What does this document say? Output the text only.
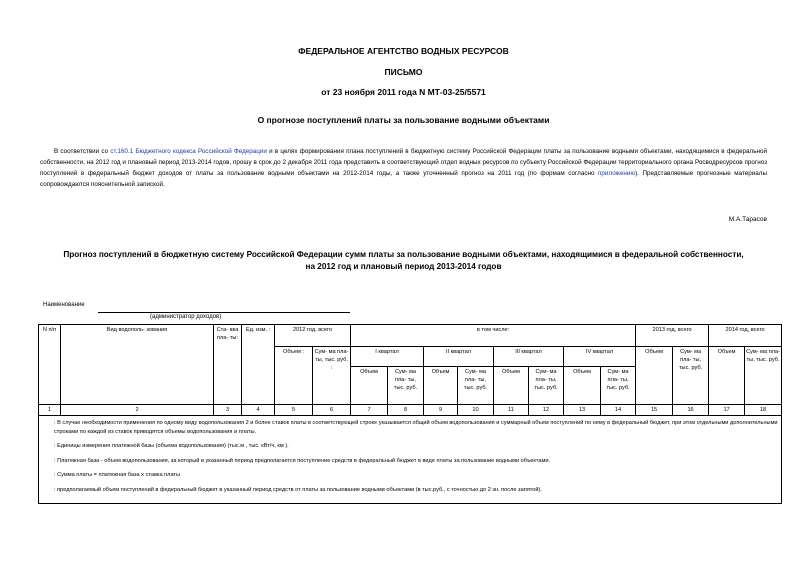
ФЕДЕРАЛЬНОЕ АГЕНТСТВО ВОДНЫХ РЕСУРСОВ
ПИСЬМО
от 23 ноября 2011 года N МТ-03-25/5571
О прогнозе поступлений платы за пользование водными объектами
В соответствии со ст.160.1 Бюджетного кодекса Российской Федерации и в целях формирования плана поступлений в бюджетную систему Российской Федерации платы за пользование водными объектами, находящимися в федеральной собственности, на 2012 год и плановый период 2013-2014 годов, прошу в срок до 2 декабря 2011 года представить в соответствующий отдел водных ресурсов по субъекту Российской Федерации территориального органа Росводресурсов прогноз поступлений в федеральный бюджет доходов от платы за пользование водными объектами на 2012-2014 годы, а также уточненный прогноз на 2011 год (по формам согласно приложению). Представляемые прогнозные материалы сопровождаются пояснительной запиской.
М.А.Тарасов
Прогноз поступлений в бюджетную систему Российской Федерации сумм платы за пользование водными объектами, находящимися в федеральной собственности, на 2012 год и плановый период 2013-2014 годов
Наименование
(администратор доходов)
N п/п	Вид водополь- зования	Ста- вка пла- ты:	Ед. изм. :	2012 год, всего		в том числе:								2013 год, всего		2014 год, всего	
				Объем :	Сум- ма пла- ты, тыс. руб. :	I квартал		II квартал		III квартал		IV квартал		Объем	Сум- ма пла- ты, тыс. руб.	Объем	Сум- ма пла- ты, тыс. руб.
						Объем	Сум- ма пла- ты, тыс. руб.	Объем	Сум- ма пла- ты, тыс. руб.	Объем	Сум- ма пла- ты, тыс. руб.	Объем	Сум- ма пла- ты, тыс. руб.				
1	2	3	4	5	6	7	8	9	10	11	12	13	14	15	16	17	18

: В случае необходимости применения по одному виду водопользования 2 и более ставок платы в соответствующей строке указывается общий объем водопользования и суммарный объем поступлений по нему в федеральный бюджет, при этом отдельными дополнительными строками по каждой из ставок приводятся объемы водопользования и платы.

: Единицы измерения платежной базы (объема водопользования) (тыс.м , тыс. кВт/ч, км ).

: Платежная база - объем водопользования, за который в указанный период предполагается поступление средств в федеральный бюджет в виде платы за пользование водными объектами.

: Сумма платы = платежная база х ставка платы

: предполагаемый объем поступлений в федеральный бюджет в указанный период средств от платы за пользование водными объектами (в тыс.руб., с точностью до 2 зн. после запятой).																	
